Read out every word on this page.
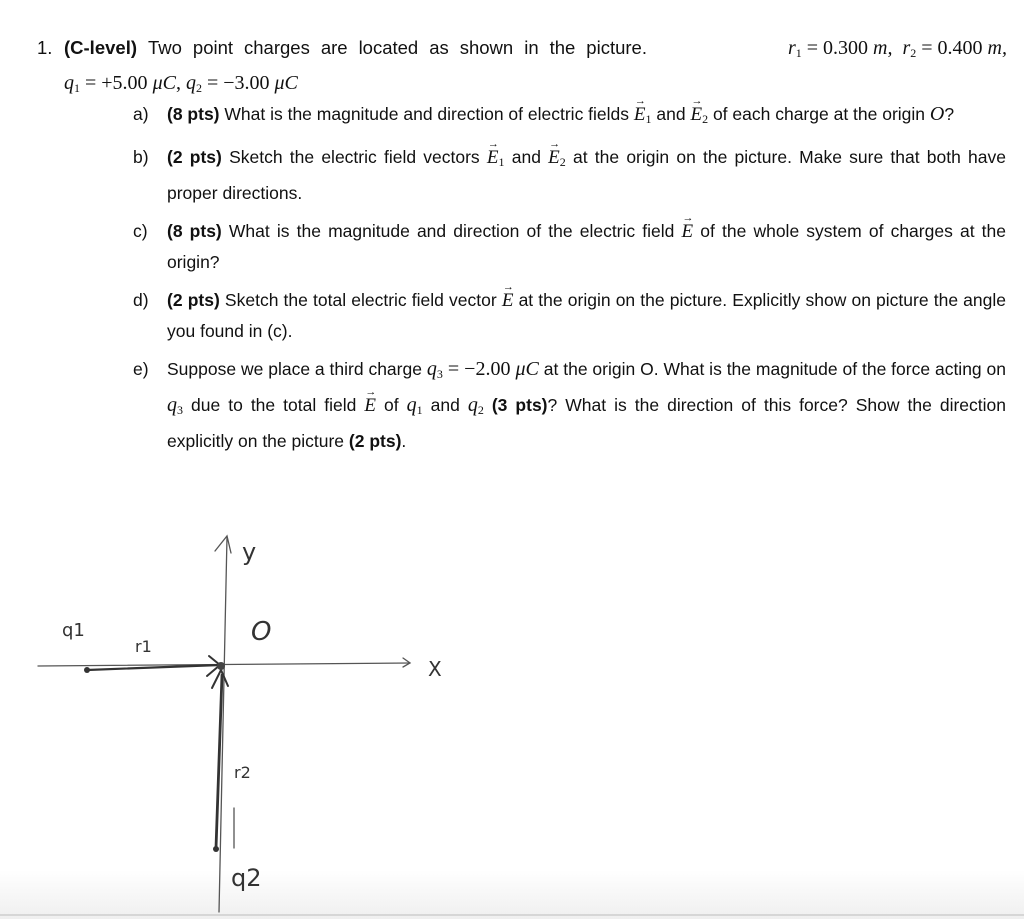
1. (C-level) Two point charges are located as shown in the picture.	$r_1 = 0.300$ m,  $r_2 = 0.400$ m,
$q_1 = +5.00$ μC, $q_2 = -3.00$ μC
a)	(8 pts) What is the magnitude and direction of electric fields → $E_1$ and → $E_2$ of each charge at the origin O?
b)	(2 pts) Sketch the electric field vectors → $E_1$ and → $E_2$ at the origin on the picture. Make sure that both have proper directions.
c)	(8 pts) What is the magnitude and direction of the electric field → E of the whole system of charges at the origin?
d)	(2 pts) Sketch the total electric field vector → E at the origin on the picture. Explicitly show on picture the angle you found in (c).
e)	Suppose we place a third charge $q_3 = -2.00$ μC at the origin O. What is the magnitude of the force acting on $q_3$ due to the total field → E of $q_1$ and $q_2$ (3 pts)? What is the direction of this force? Show the direction explicitly on the picture (2 pts).
y
X
O
q1
r1
r2
q2
